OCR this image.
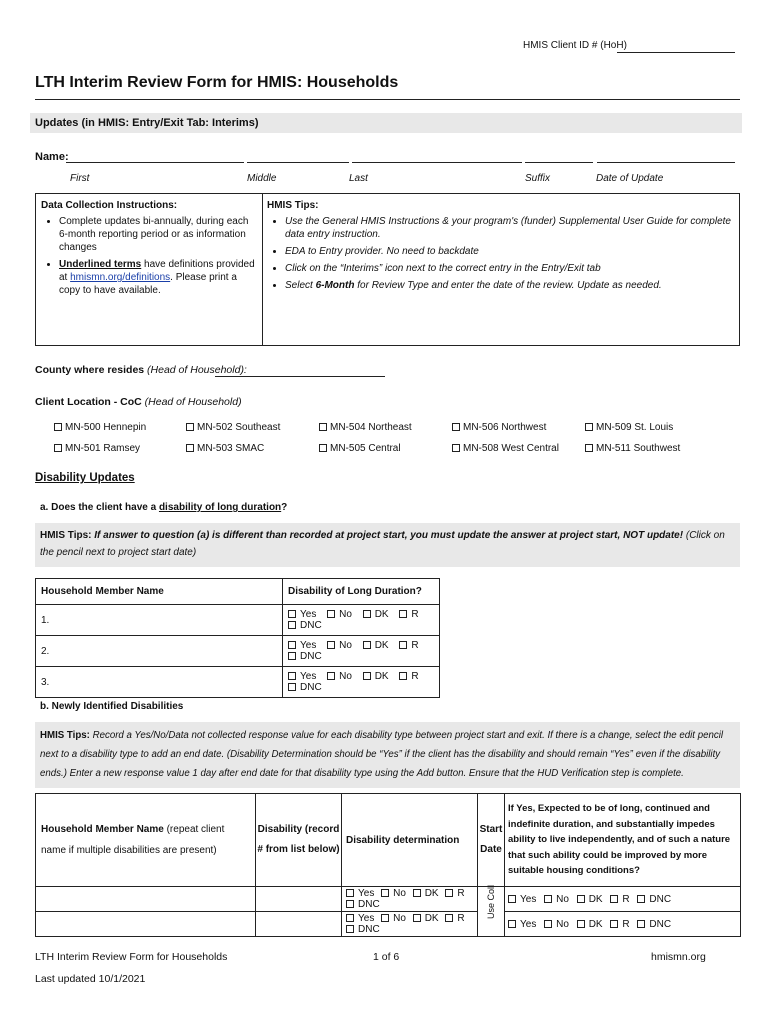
HMIS Client ID # (HoH)
LTH Interim Review Form for HMIS: Households
Updates (in HMIS: Entry/Exit Tab: Interims)
Name:
First	Middle	Last	Suffix	Date of Update
Data Collection Instructions:
• Complete updates bi-annually, during each 6-month reporting period or as information changes
• Underlined terms have definitions provided at hmismn.org/definitions. Please print a copy to have available.
HMIS Tips:
• Use the General HMIS Instructions & your program's (funder) Supplemental User Guide for complete data entry instruction.
• EDA to Entry provider. No need to backdate
• Click on the “Interims” icon next to the correct entry in the Entry/Exit tab
• Select 6-Month for Review Type and enter the date of the review. Update as needed.
County where resides (Head of Household):
Client Location - CoC (Head of Household)
MN-500 Hennepin
MN-501 Ramsey
MN-502 Southeast
MN-503 SMAC
MN-504 Northeast
MN-505 Central
MN-506 Northwest
MN-508 West Central
MN-509 St. Louis
MN-511 Southwest
Disability Updates
a. Does the client have a disability of long duration?
HMIS Tips: If answer to question (a) is different than recorded at project start, you must update the answer at project start, NOT update! (Click on the pencil next to project start date)
Household Member Name	Disability of Long Duration?
1.	Yes No DK R DNC
2.	Yes No DK R DNC
3.	Yes No DK R DNC
b. Newly Identified Disabilities
HMIS Tips: Record a Yes/No/Data not collected response value for each disability type between project start and exit. If there is a change, select the edit pencil next to a disability type to add an end date. (Disability Determination should be “Yes” if the client has the disability and should remain “Yes” even if the disability ends.) Enter a new response value 1 day after end date for that disability type using the Add button. Ensure that the HUD Verification step is complete.
Household Member Name (repeat client name if multiple disabilities are present)	Disability (record # from list below)	Disability determination	Start Date	If Yes, Expected to be of long, continued and indefinite duration, and substantially impedes ability to live independently, and of such a nature that such ability could be improved by more suitable housing conditions?
		Yes No DK R DNC	Use Coll	Yes No DK R DNC
		Yes No DK R DNC		Yes No DK R DNC
LTH Interim Review Form for Households
Last updated 10/1/2021
1 of 6	hmismn.org
